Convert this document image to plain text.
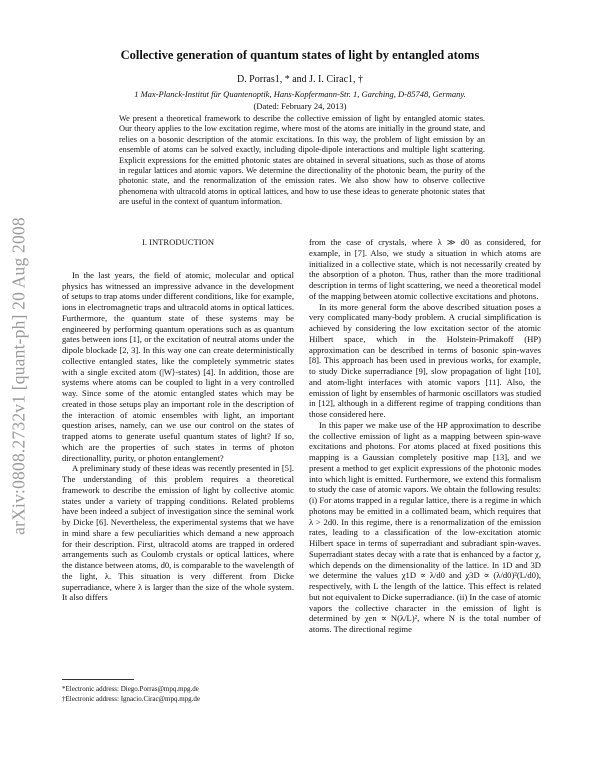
arXiv:0808.2732v1 [quant-ph] 20 Aug 2008
Collective generation of quantum states of light by entangled atoms
D. Porras1, * and J. I. Cirac1, †
1 Max-Planck-Institut für Quantenoptik, Hans-Kopfermann-Str. 1, Garching, D-85748, Germany.
(Dated: February 24, 2013)
We present a theoretical framework to describe the collective emission of light by entangled atomic states. Our theory applies to the low excitation regime, where most of the atoms are initially in the ground state, and relies on a bosonic description of the atomic excitations. In this way, the problem of light emission by an ensemble of atoms can be solved exactly, including dipole-dipole interactions and multiple light scattering. Explicit expressions for the emitted photonic states are obtained in several situations, such as those of atoms in regular lattices and atomic vapors. We determine the directionality of the photonic beam, the purity of the photonic state, and the renormalization of the emission rates. We also show how to observe collective phenomena with ultracold atoms in optical lattices, and how to use these ideas to generate photonic states that are useful in the context of quantum information.
I. INTRODUCTION

In the last years, the field of atomic, molecular and optical physics has witnessed an impressive advance in the development of setups to trap atoms under different conditions, like for example, ions in electromagnetic traps and ultracold atoms in optical lattices. Furthermore, the quantum state of these systems may be engineered by performing quantum operations such as as quantum gates between ions [1], or the excitation of neutral atoms under the dipole blockade [2, 3]. In this way one can create deterministically collective entangled states, like the completely symmetric states with a single excited atom (|W⟩-states) [4]. In addition, those are systems where atoms can be coupled to light in a very controlled way. Since some of the atomic entangled states which may be created in those setups play an important role in the description of the interaction of atomic ensembles with light, an important question arises, namely, can we use our control on the states of trapped atoms to generate useful quantum states of light? If so, which are the properties of such states in terms of photon directionallity, purity, or photon entanglement?

A preliminary study of these ideas was recently presented in [5]. The understanding of this problem requires a theoretical framework to describe the emission of light by collective atomic states under a variety of trapping conditions. Related problems have been indeed a subject of investigation since the seminal work by Dicke [6]. Nevertheless, the experimental systems that we have in mind share a few peculiarities which demand a new approach for their description. First, ultracold atoms are trapped in ordered arrangements such as Coulomb crystals or optical lattices, where the distance between atoms, d0, is comparable to the wavelength of the light, λ. This situation is very different from Dicke superradiance, where λ is larger than the size of the whole system. It also differs

from the case of crystals, where λ ≫ d0 as considered, for example, in [7]. Also, we study a situation in which atoms are initialized in a collective state, which is not necessarily created by the absorption of a photon. Thus, rather than the more traditional description in terms of light scattering, we need a theoretical model of the mapping between atomic collective excitations and photons.

In its more general form the above described situation poses a very complicated many-body problem. A crucial simplification is achieved by considering the low excitation sector of the atomic Hilbert space, which in the Holstein-Primakoff (HP) approximation can be described in terms of bosonic spin-waves [8]. This approach has been used in previous works, for example, to study Dicke superradiance [9], slow propagation of light [10], and atom-light interfaces with atomic vapors [11]. Also, the emission of light by ensembles of harmonic oscillators was studied in [12], although in a different regime of trapping conditions than those considered here.

In this paper we make use of the HP approximation to describe the collective emission of light as a mapping between spin-wave excitations and photons. For atoms placed at fixed positions this mapping is a Gaussian completely positive map [13], and we present a method to get explicit expressions of the photonic modes into which light is emitted. Furthermore, we extend this formalism to study the case of atomic vapors. We obtain the following results: (i) For atoms trapped in a regular lattice, there is a regime in which photons may be emitted in a collimated beam, which requires that λ > 2d0. In this regime, there is a renormalization of the emission rates, leading to a classification of the low-excitation atomic Hilbert space in terms of superradiant and subradiant spin-waves. Superradiant states decay with a rate that is enhanced by a factor χ, which depends on the dimensionality of the lattice. In 1D and 3D we determine the values χ1D ∝ λ/d0 and χ3D ∝ (λ/d0)²(L/d0), respectively, with L the length of the lattice. This effect is related but not equivalent to Dicke superradiance. (ii) In the case of atomic vapors the collective character in the emission of light is determined by χen ∝ N(λ/L)², where N is the total number of atoms. The directional regime

*Electronic address: Diego.Porras@mpq.mpg.de
†Electronic address: Ignacio.Cirac@mpq.mpg.de
